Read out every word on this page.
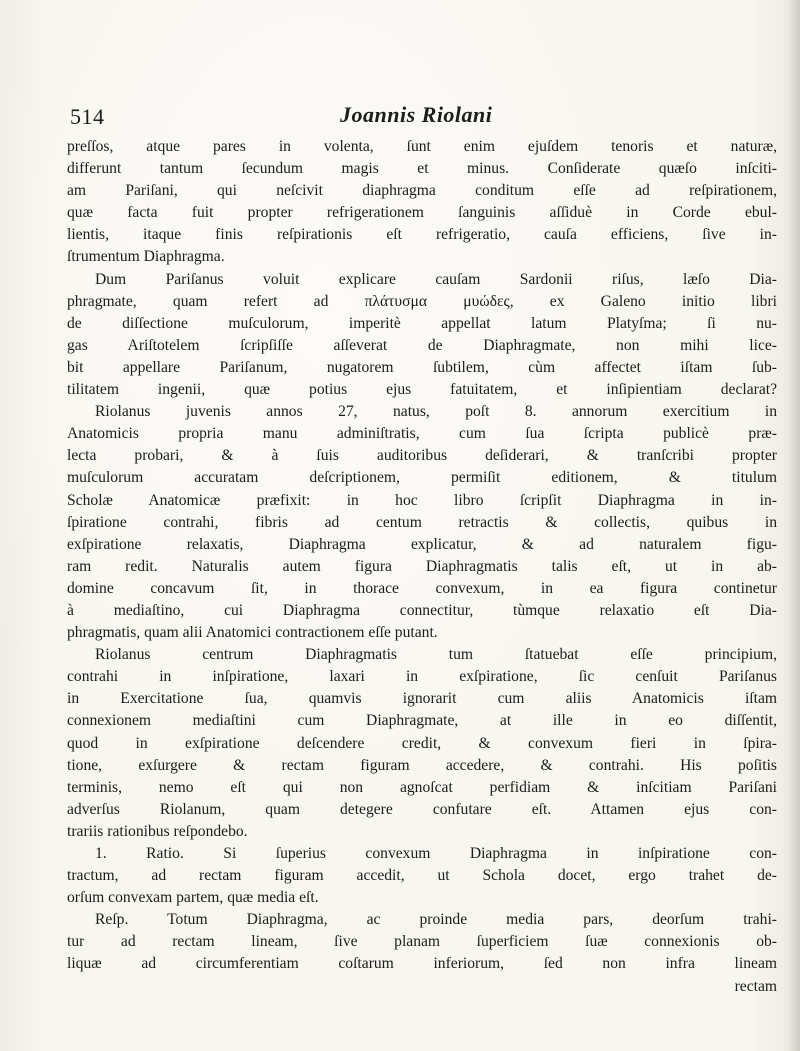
514	Joannis Riolani
preſſos, atque pares in volenta, ſunt enim ejuſdem tenoris et naturæ,
differunt tantum ſecundum magis et minus. Conſiderate quæſo inſciti-
am Pariſani, qui neſcivit diaphragma conditum eſſe ad reſpirationem,
quæ facta fuit propter refrigerationem ſanguinis aſſiduè in Corde ebul-
lientis, itaque finis reſpirationis eſt refrigeratio, cauſa efficiens, ſive in-
ſtrumentum Diaphragma.
Dum Pariſanus voluit explicare cauſam Sardonii riſus, læſo Dia-
phragmate, quam refert ad πλάτυσμα μυώδες, ex Galeno initio libri
de diſſectione muſculorum, imperitè appellat latum Platyſma; ſi nu-
gas Ariſtotelem ſcripſiſſe aſſeverat de Diaphragmate, non mihi lice-
bit appellare Pariſanum, nugatorem ſubtilem, cùm affectet iſtam ſub-
tilitatem ingenii, quæ potius ejus fatuitatem, et inſipientiam declarat?
Riolanus juvenis annos 27, natus, poſt 8. annorum exercitium in
Anatomicis propria manu adminiſtratis, cum ſua ſcripta publicè præ-
lecta probari, & à ſuis auditoribus deſiderari, & tranſcribi propter
muſculorum accuratam deſcriptionem, permiſit editionem, & titulum
Scholæ Anatomicæ præfixit: in hoc libro ſcripſit Diaphragma in in-
ſpiratione contrahi, fibris ad centum retractis & collectis, quibus in
exſpiratione relaxatis, Diaphragma explicatur, & ad naturalem figu-
ram redit. Naturalis autem figura Diaphragmatis talis eſt, ut in ab-
domine concavum ſit, in thorace convexum, in ea figura continetur
à mediaſtino, cui Diaphragma connectitur, tùmque relaxatio eſt Dia-
phragmatis, quam alii Anatomici contractionem eſſe putant.
Riolanus centrum Diaphragmatis tum ſtatuebat eſſe principium,
contrahi in inſpiratione, laxari in exſpiratione, ſic cenſuit Pariſanus
in Exercitatione ſua, quamvis ignorarit cum aliis Anatomicis iſtam
connexionem mediaſtini cum Diaphragmate, at ille in eo diſſentit,
quod in exſpiratione deſcendere credit, & convexum fieri in ſpira-
tione, exſurgere & rectam figuram accedere, & contrahi. His poſitis
terminis, nemo eſt qui non agnoſcat perfidiam & inſcitiam Pariſani
adverſus Riolanum, quam detegere confutare eſt. Attamen ejus con-
trariis rationibus reſpondebo.
1. Ratio. Si ſuperius convexum Diaphragma in inſpiratione con-
tractum, ad rectam figuram accedit, ut Schola docet, ergo trahet de-
orſum convexam partem, quæ media eſt.
Reſp. Totum Diaphragma, ac proinde media pars, deorſum trahi-
tur ad rectam lineam, ſive planam ſuperficiem ſuæ connexionis ob-
liquæ ad circumferentiam coſtarum inferiorum, ſed non infra lineam
rectam
